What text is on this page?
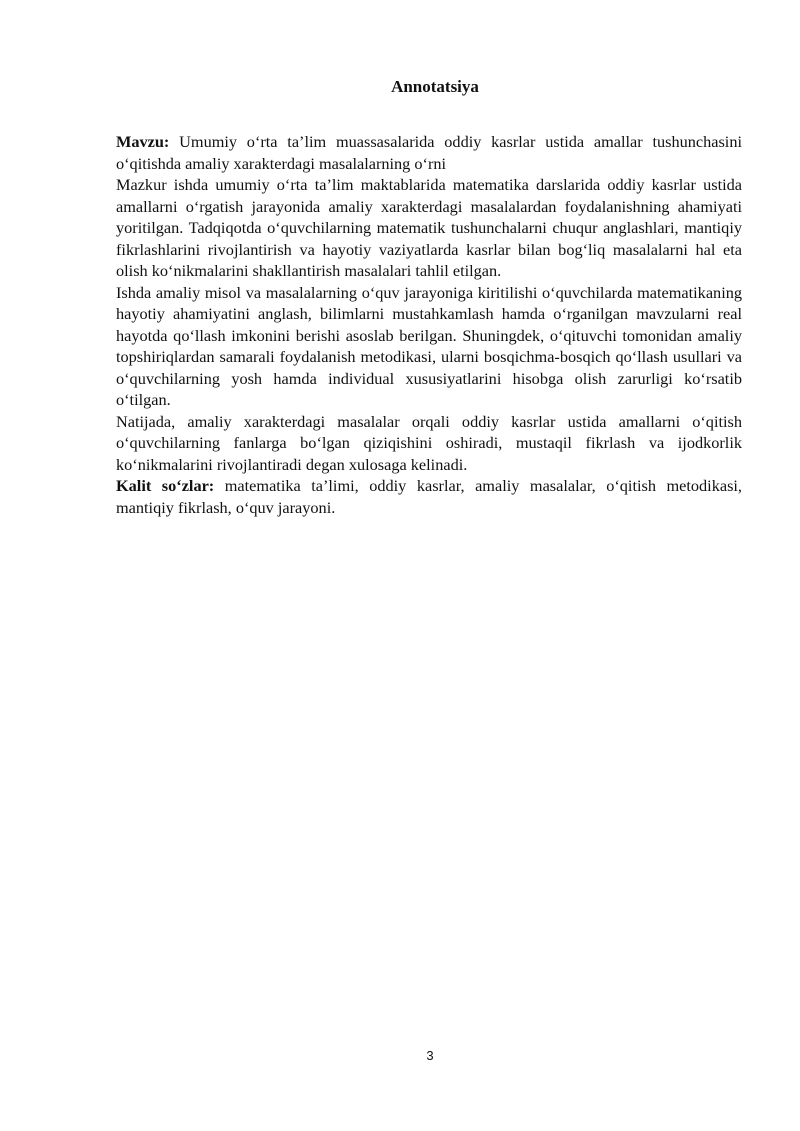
Annotatsiya

Mavzu: Umumiy o‘rta ta’lim muassasalarida oddiy kasrlar ustida amallar tushunchasini o‘qitishda amaliy xarakterdagi masalalarning o‘rni

Mazkur ishda umumiy o‘rta ta’lim maktablarida matematika darslarida oddiy kasrlar ustida amallarni o‘rgatish jarayonida amaliy xarakterdagi masalalardan foydalanishning ahamiyati yoritilgan. Tadqiqotda o‘quvchilarning matematik tushunchalarni chuqur anglashlari, mantiqiy fikrlashlarini rivojlantirish va hayotiy vaziyatlarda kasrlar bilan bog‘liq masalalarni hal eta olish ko‘nikmalarini shakllantirish masalalari tahlil etilgan.

Ishda amaliy misol va masalalarning o‘quv jarayoniga kiritilishi o‘quvchilarda matematikaning hayotiy ahamiyatini anglash, bilimlarni mustahkamlash hamda o‘rganilgan mavzularni real hayotda qo‘llash imkonini berishi asoslab berilgan. Shuningdek, o‘qituvchi tomonidan amaliy topshiriqlardan samarali foydalanish metodikasi, ularni bosqichma-bosqich qo‘llash usullari va o‘quvchilarning yosh hamda individual xususiyatlarini hisobga olish zarurligi ko‘rsatib o‘tilgan.

Natijada, amaliy xarakterdagi masalalar orqali oddiy kasrlar ustida amallarni o‘qitish o‘quvchilarning fanlarga bo‘lgan qiziqishini oshiradi, mustaqil fikrlash va ijodkorlik ko‘nikmalarini rivojlantiradi degan xulosaga kelinadi.

Kalit so‘zlar: matematika ta’limi, oddiy kasrlar, amaliy masalalar, o‘qitish metodikasi, mantiqiy fikrlash, o‘quv jarayoni.

3
